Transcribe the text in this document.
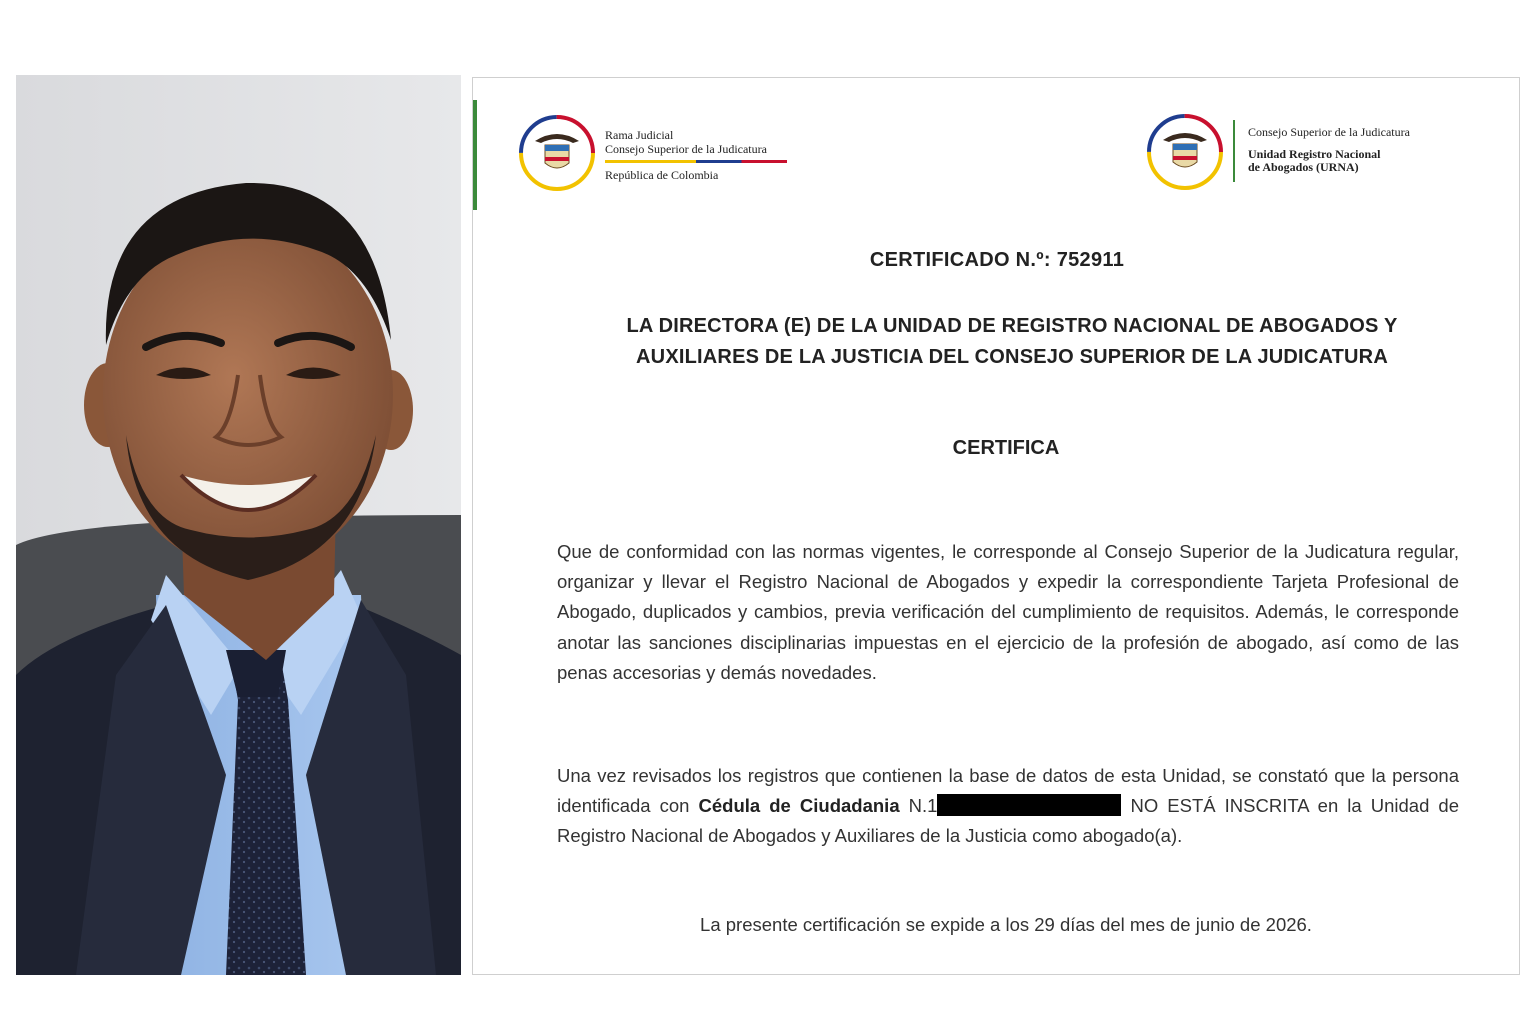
Rama Judicial
Consejo Superior de la Judicatura
República de Colombia
Consejo Superior de la Judicatura
Unidad Registro Nacional
de Abogados (URNA)
CERTIFICADO N.º: 752911
LA DIRECTORA (E) DE LA UNIDAD DE REGISTRO NACIONAL DE ABOGADOS Y AUXILIARES DE LA JUSTICIA DEL CONSEJO SUPERIOR DE LA JUDICATURA
CERTIFICA

Que de conformidad con las normas vigentes, le corresponde al Consejo Superior de la Judicatura regular, organizar y llevar el Registro Nacional de Abogados y expedir la correspondiente Tarjeta Profesional de Abogado, duplicados y cambios, previa verificación del cumplimiento de requisitos. Además, le corresponde anotar las sanciones disciplinarias impuestas en el ejercicio de la profesión de abogado, así como de las penas accesorias y demás novedades.

Una vez revisados los registros que contienen la base de datos de esta Unidad, se constató que la persona identificada con Cédula de Ciudadania N.1	NO ESTÁ INSCRITA en la Unidad de Registro Nacional de Abogados y Auxiliares de la Justicia como abogado(a).

La presente certificación se expide a los 29 días del mes de junio de 2026.
